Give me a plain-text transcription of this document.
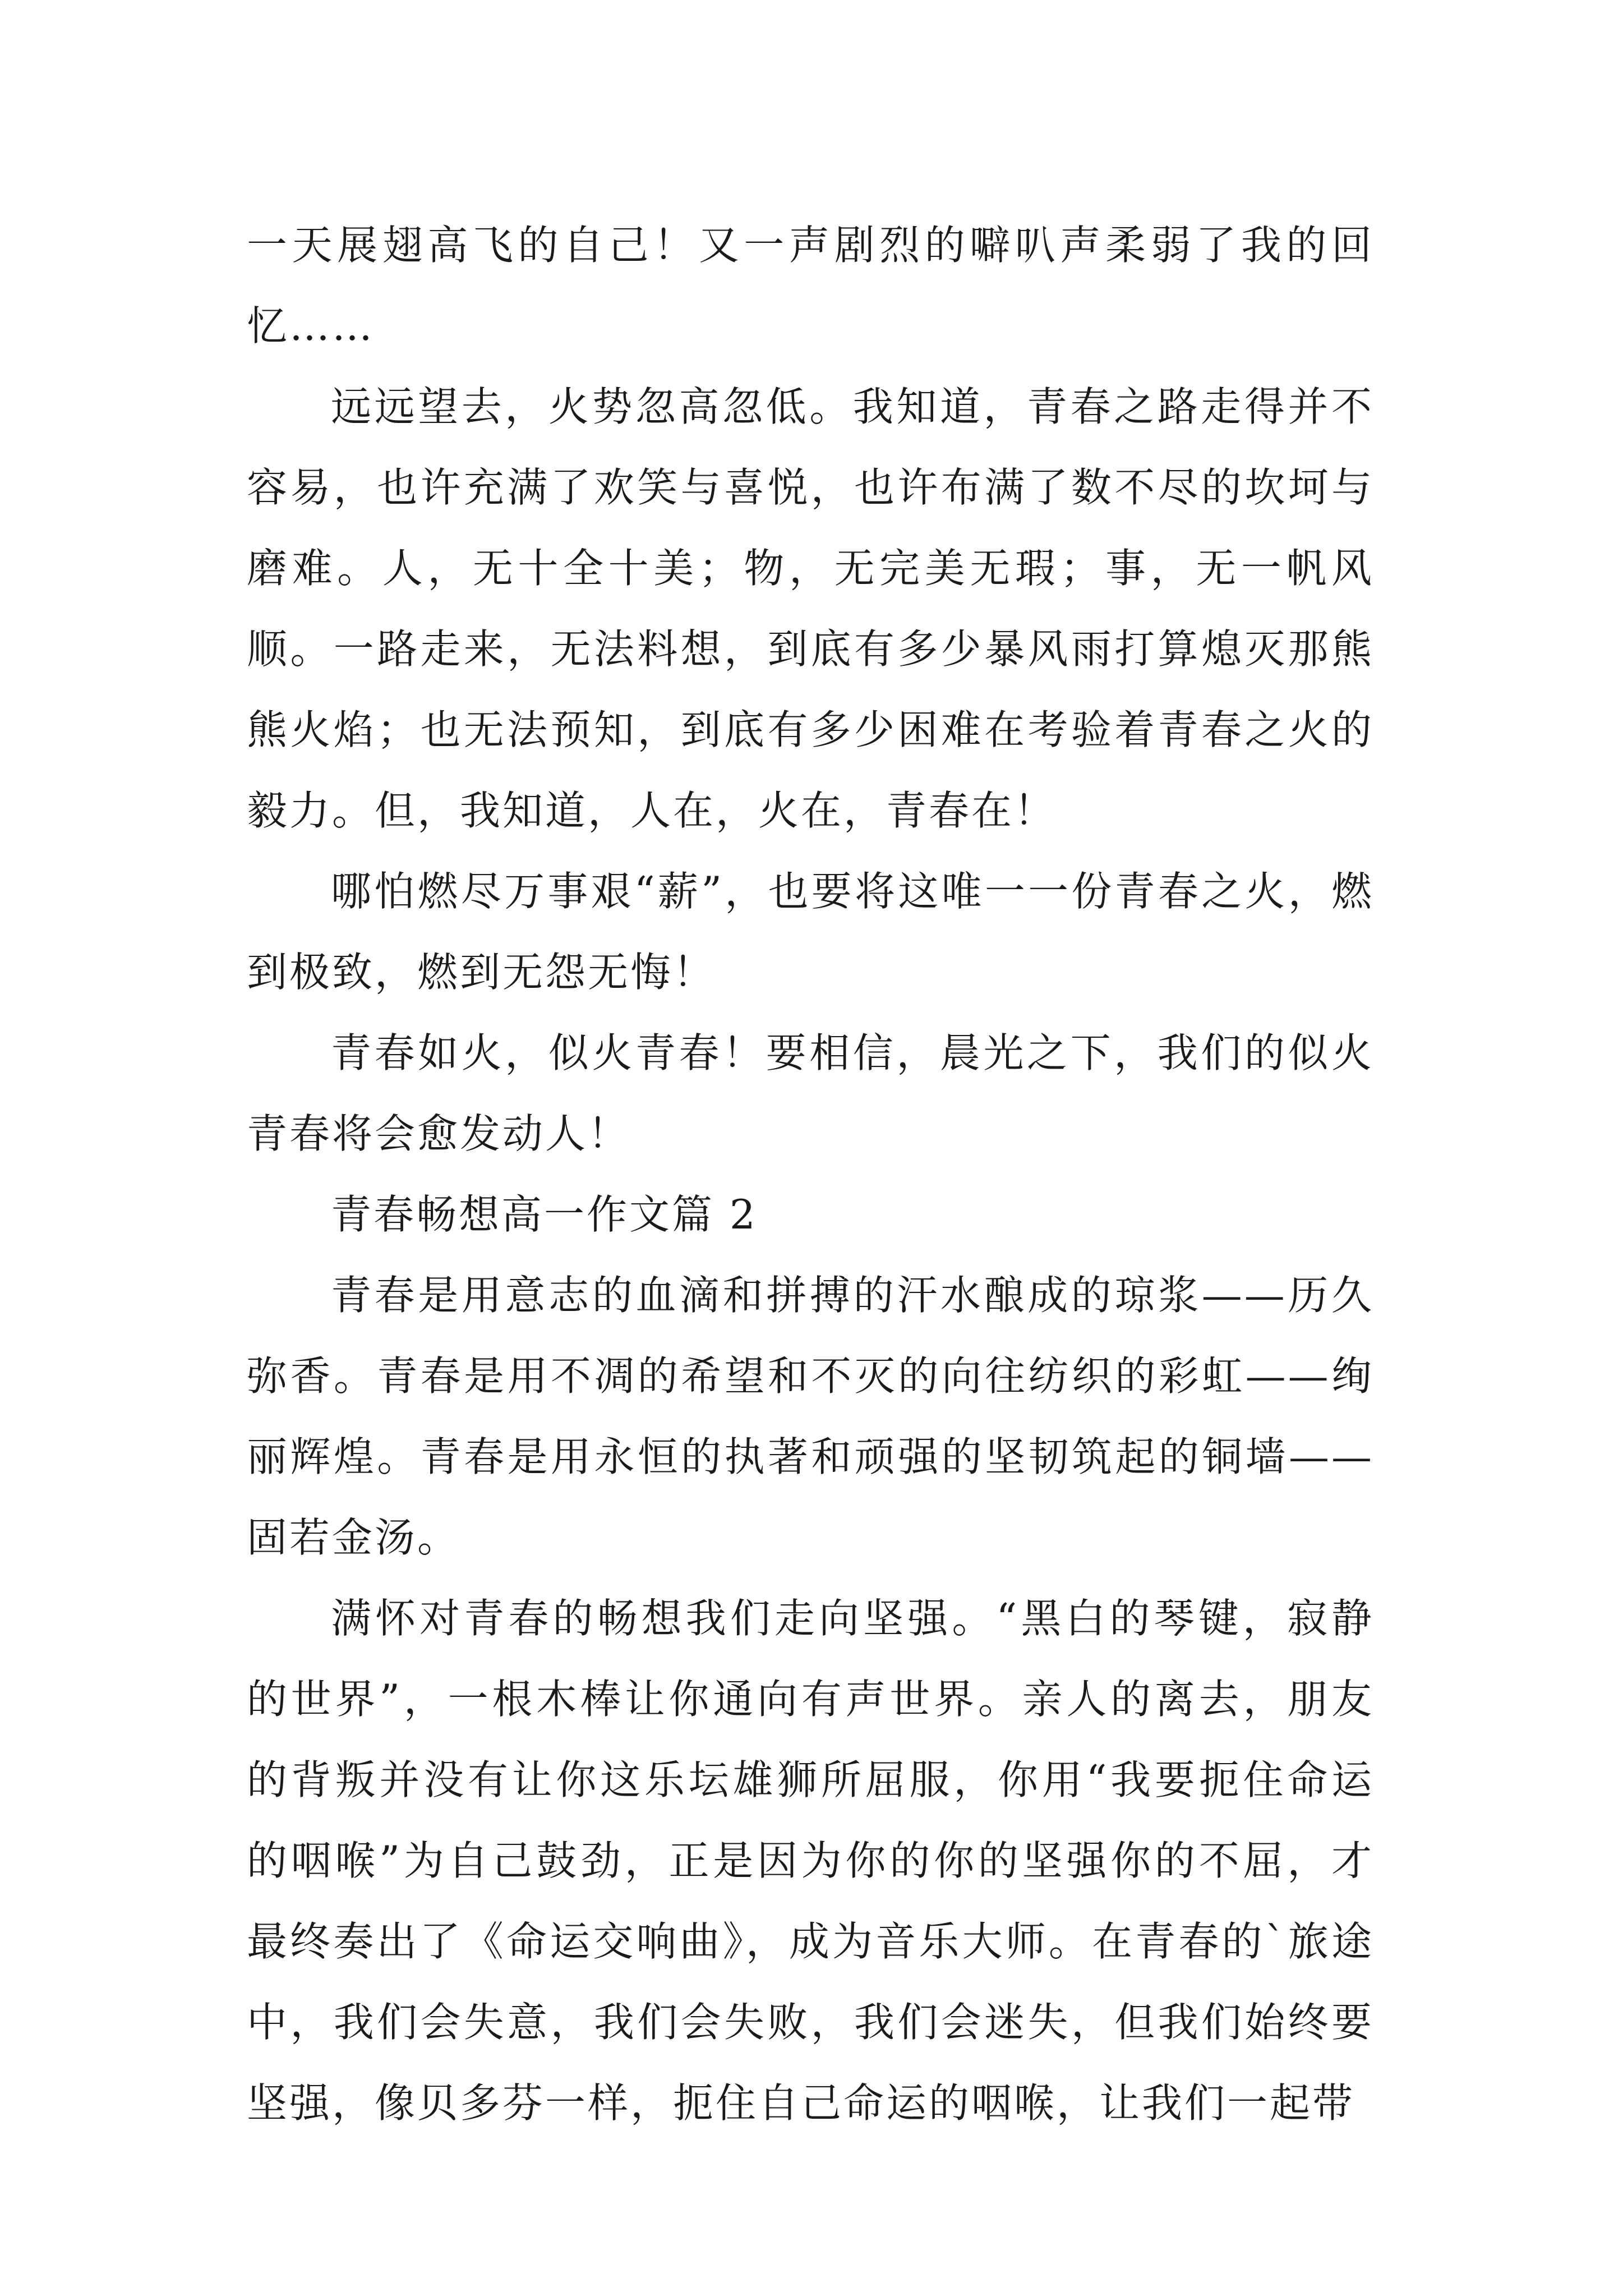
一天展翅高飞的自己！又一声剧烈的噼叭声柔弱了我的回忆……

远远望去，火势忽高忽低。我知道，青春之路走得并不容易，也许充满了欢笑与喜悦，也许布满了数不尽的坎坷与磨难。人，无十全十美；物，无完美无瑕；事，无一帆风顺。一路走来，无法料想，到底有多少暴风雨打算熄灭那熊熊火焰；也无法预知，到底有多少困难在考验着青春之火的毅力。但，我知道，人在，火在，青春在！

哪怕燃尽万事艰“薪”，也要将这唯一一份青春之火，燃到极致，燃到无怨无悔！

青春如火，似火青春！要相信，晨光之下，我们的似火青春将会愈发动人！

青春畅想高一作文篇 2

青春是用意志的血滴和拼搏的汗水酿成的琼浆——历久弥香。青春是用不凋的希望和不灭的向往纺织的彩虹——绚丽辉煌。青春是用永恒的执著和顽强的坚韧筑起的铜墙——固若金汤。

满怀对青春的畅想我们走向坚强。“黑白的琴键，寂静的世界”，一根木棒让你通向有声世界。亲人的离去，朋友的背叛并没有让你这乐坛雄狮所屈服，你用“我要扼住命运的咽喉”为自己鼓劲，正是因为你的你的坚强你的不屈，才最终奏出了《命运交响曲》，成为音乐大师。在青春的`旅途中，我们会失意，我们会失败，我们会迷失，但我们始终要坚强，像贝多芬一样，扼住自己命运的咽喉，让我们一起带
